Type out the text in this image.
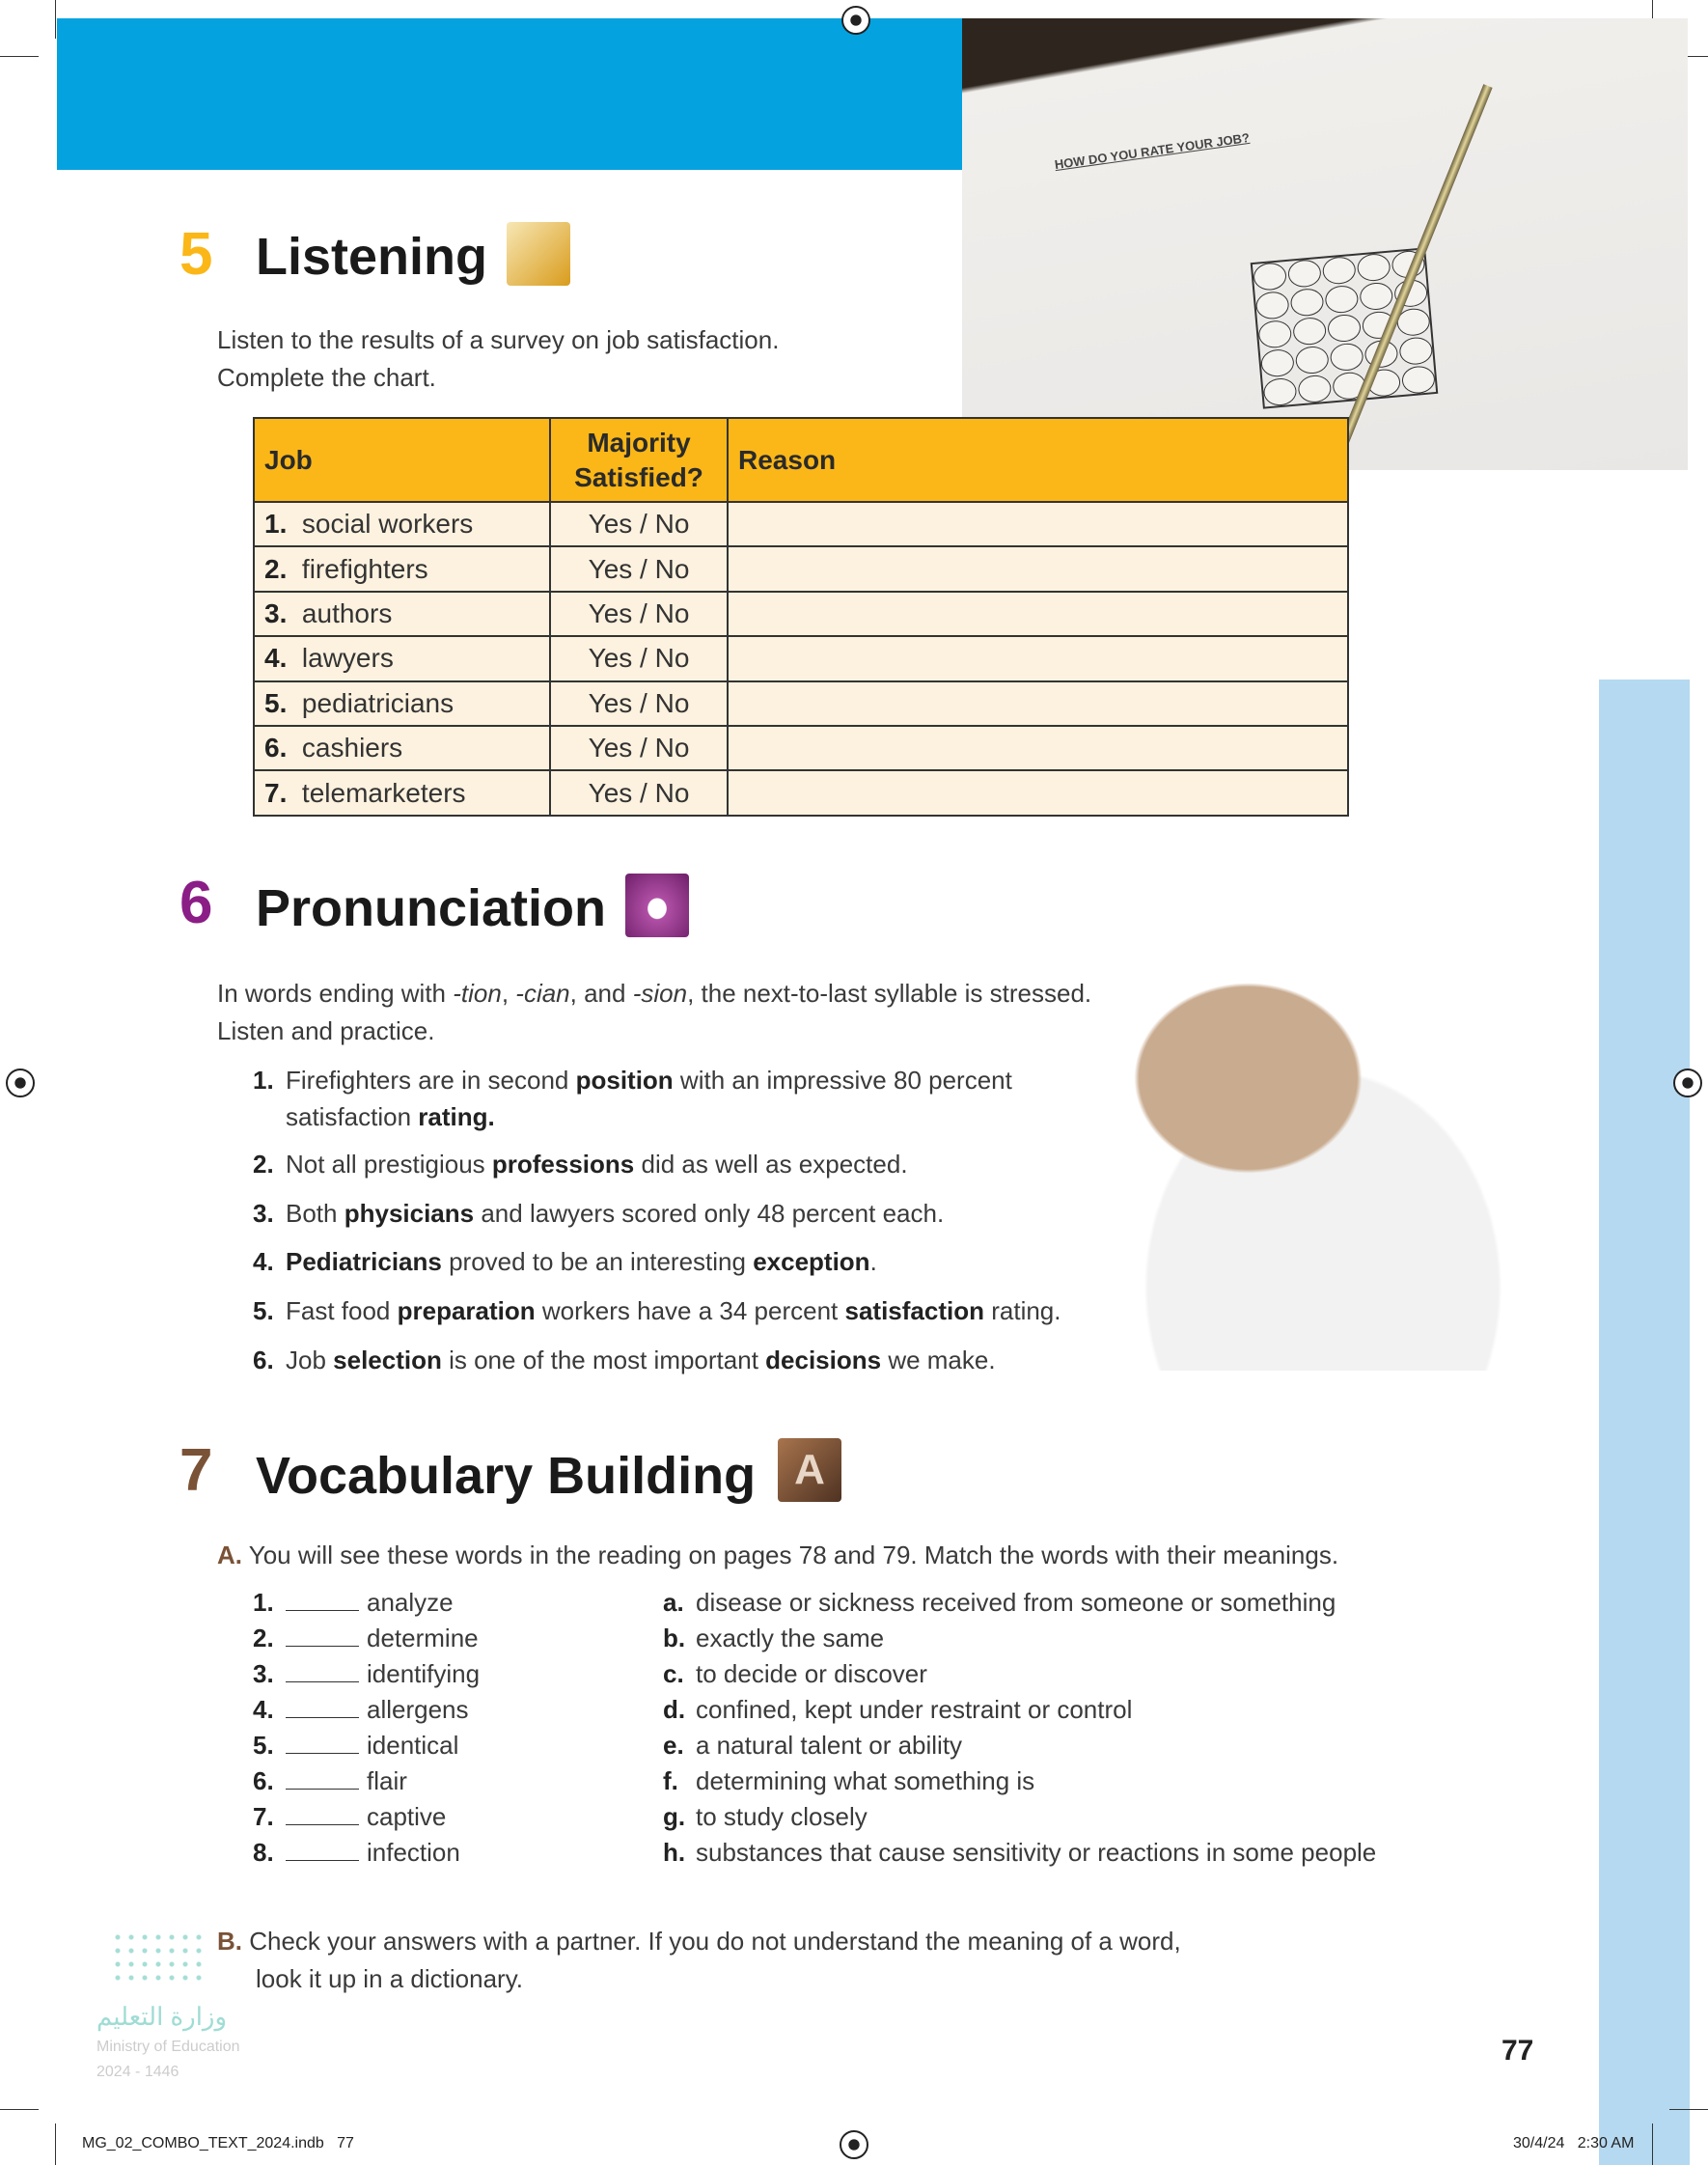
HOW DO YOU RATE YOUR JOB?
5 Listening
Listen to the results of a survey on job satisfaction.
Complete the chart.
Job	Majority Satisfied?	Reason
1. social workers	Yes / No	
2. firefighters	Yes / No	
3. authors	Yes / No	
4. lawyers	Yes / No	
5. pediatricians	Yes / No	
6. cashiers	Yes / No	
7. telemarketers	Yes / No	
6 Pronunciation
In words ending with -tion, -cian, and -sion, the next-to-last syllable is stressed.
Listen and practice.
1. Firefighters are in second position with an impressive 80 percent
satisfaction rating.
2. Not all prestigious professions did as well as expected.
3. Both physicians and lawyers scored only 48 percent each.
4. Pediatricians proved to be an interesting exception.
5. Fast food preparation workers have a 34 percent satisfaction rating.
6. Job selection is one of the most important decisions we make.
7 Vocabulary Building A
A. You will see these words in the reading on pages 78 and 79. Match the words with their meanings.
1.	analyze	a. disease or sickness received from someone or something
2.	determine	b. exactly the same
3.	identifying	c. to decide or discover
4.	allergens	d. confined, kept under restraint or control
5.	identical	e. a natural talent or ability
6.	flair	f. determining what something is
7.	captive	g. to study closely
8.	infection	h. substances that cause sensitivity or reactions in some people
B. Check your answers with a partner. If you do not understand the meaning of a word,
look it up in a dictionary.
وزارة التعليم
Ministry of Education
2024 - 1446
77
MG_02_COMBO_TEXT_2024.indb   77	30/4/24   2:30 AM
